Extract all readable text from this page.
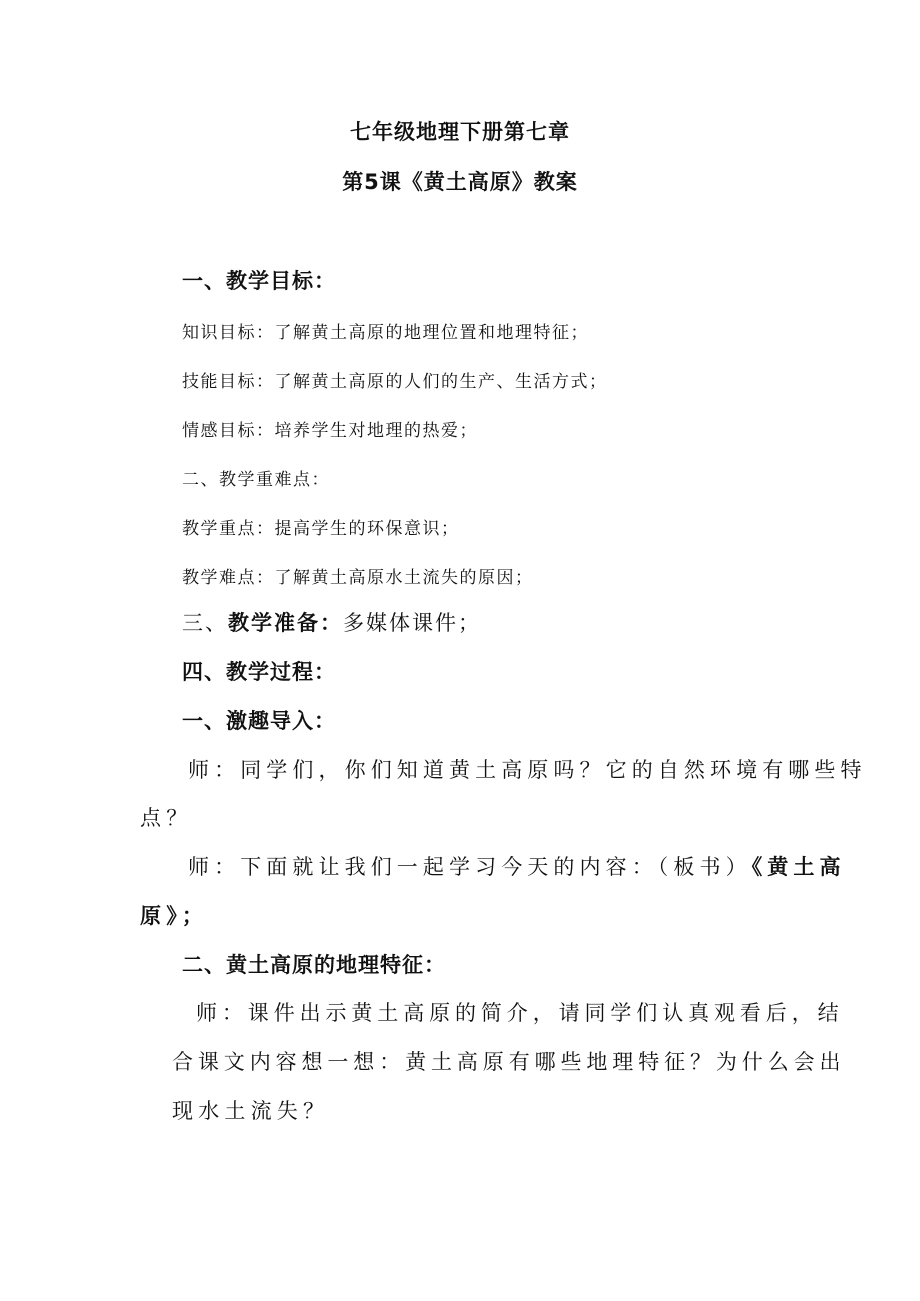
七年级地理下册第七章
第5课《黄土高原》教案
一、教学目标：
知识目标：了解黄土高原的地理位置和地理特征；
技能目标：了解黄土高原的人们的生产、生活方式；
情感目标：培养学生对地理的热爱；
二、教学重难点：
教学重点：提高学生的环保意识；
教学难点：了解黄土高原水土流失的原因；
三、教学准备：多媒体课件；
四、教学过程：
一、激趣导入：
师：同学们，你们知道黄土高原吗？它的自然环境有哪些特
点？
师：下面就让我们一起学习今天的内容：（板书）《黄土高
原》；
二、黄土高原的地理特征：
师：课件出示黄土高原的简介，请同学们认真观看后，结
合课文内容想一想：黄土高原有哪些地理特征？为什么会出
现水土流失？
